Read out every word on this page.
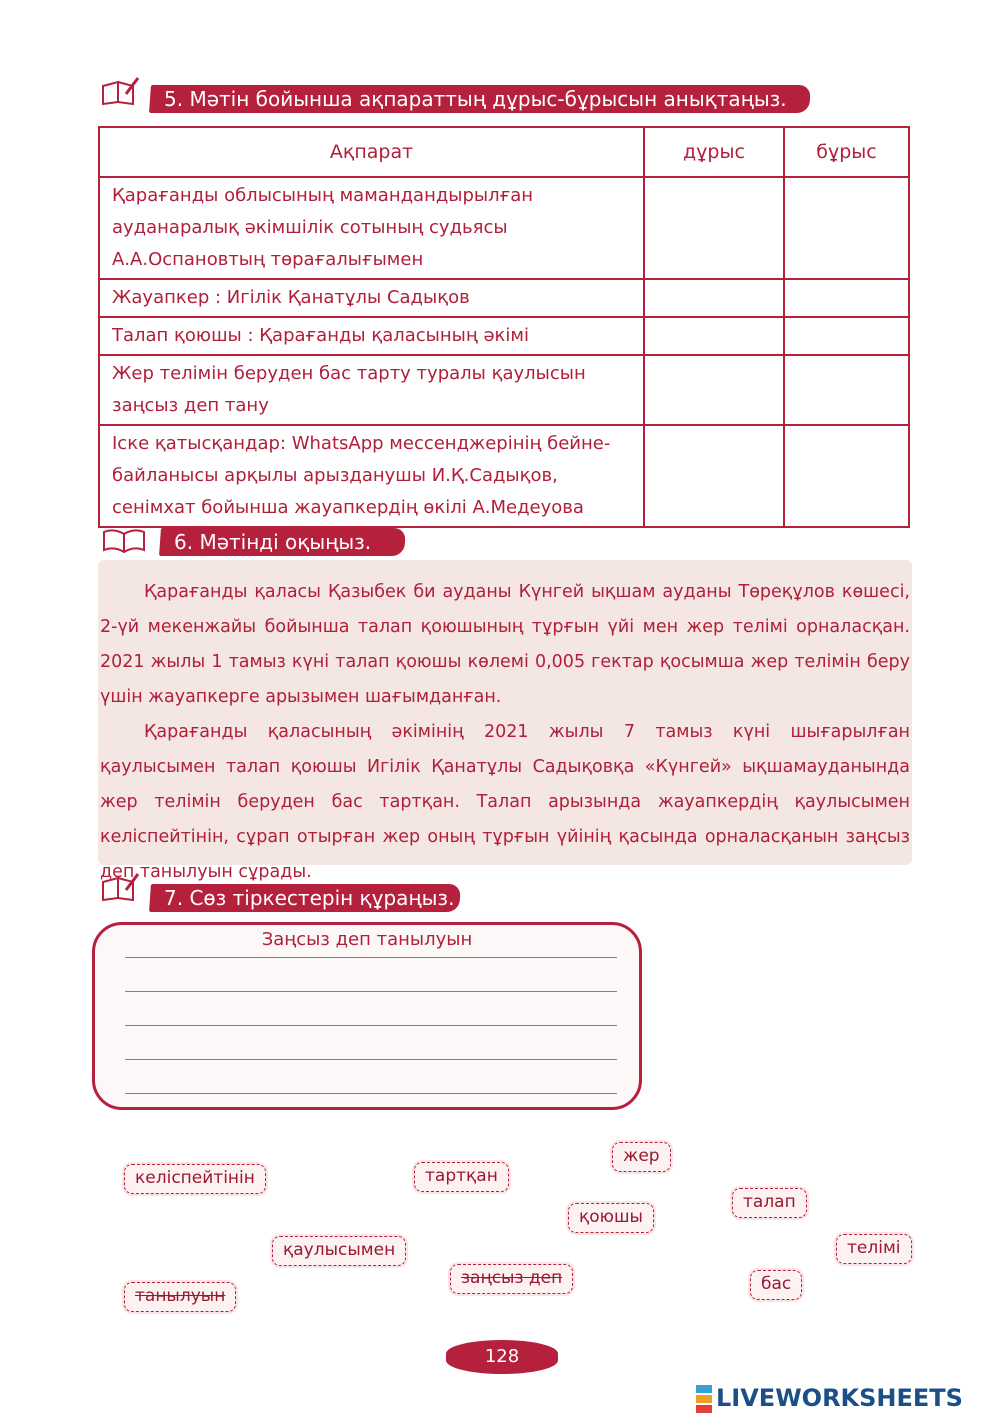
5. Мәтін бойынша ақпараттың дұрыс-бұрысын анықтаңыз.
Ақпарат	дұрыс	бұрыс
Қарағанды облысының мамандандырылған ауданаралық әкімшілік сотының судьясы А.А.Оспановтың төрағалығымен		
Жауапкер : Игілік Қанатұлы Садықов		
Талап қоюшы : Қарағанды қаласының әкімі		
Жер телімін беруден бас тарту туралы қаулысын заңсыз деп тану		
Іске қатысқандар: WhatsApp мессенджерінің бейне-байланысы арқылы арызданушы И.Қ.Садықов, сенімхат бойынша жауапкердің өкілі А.Медеуова		
6. Мәтінді оқыңыз.

Қарағанды қаласы Қазыбек би ауданы Күнгей ықшам ауданы Төреқұлов көшесі, 2-үй мекенжайы бойынша талап қоюшының тұрғын үйі мен жер телімі орналасқан. 2021 жылы 1 тамыз күні талап қоюшы көлемі 0,005 гектар қосымша жер телімін беру үшін жауапкерге арызымен шағымданған.

Қарағанды қаласының әкімінің 2021 жылы 7 тамыз күні шығарылған қаулысымен талап қоюшы Игілік Қанатұлы Садықовқа «Күнгей» ықшамауданында жер телімін беруден бас тартқан. Талап арызында жауапкердің қаулысымен келіспейтінін, сұрап отырған жер оның тұрғын үйінің қасында орналасқанын заңсыз деп танылуын сұрады.

7. Сөз тіркестерін құраңыз.
Заңсыз деп танылуын
жер
келіспейтінін	тартқан
талап
қоюшы
қаулысымен	телімі
заңсыз деп	бас
танылуын
128
LIVEWORKSHEETS
